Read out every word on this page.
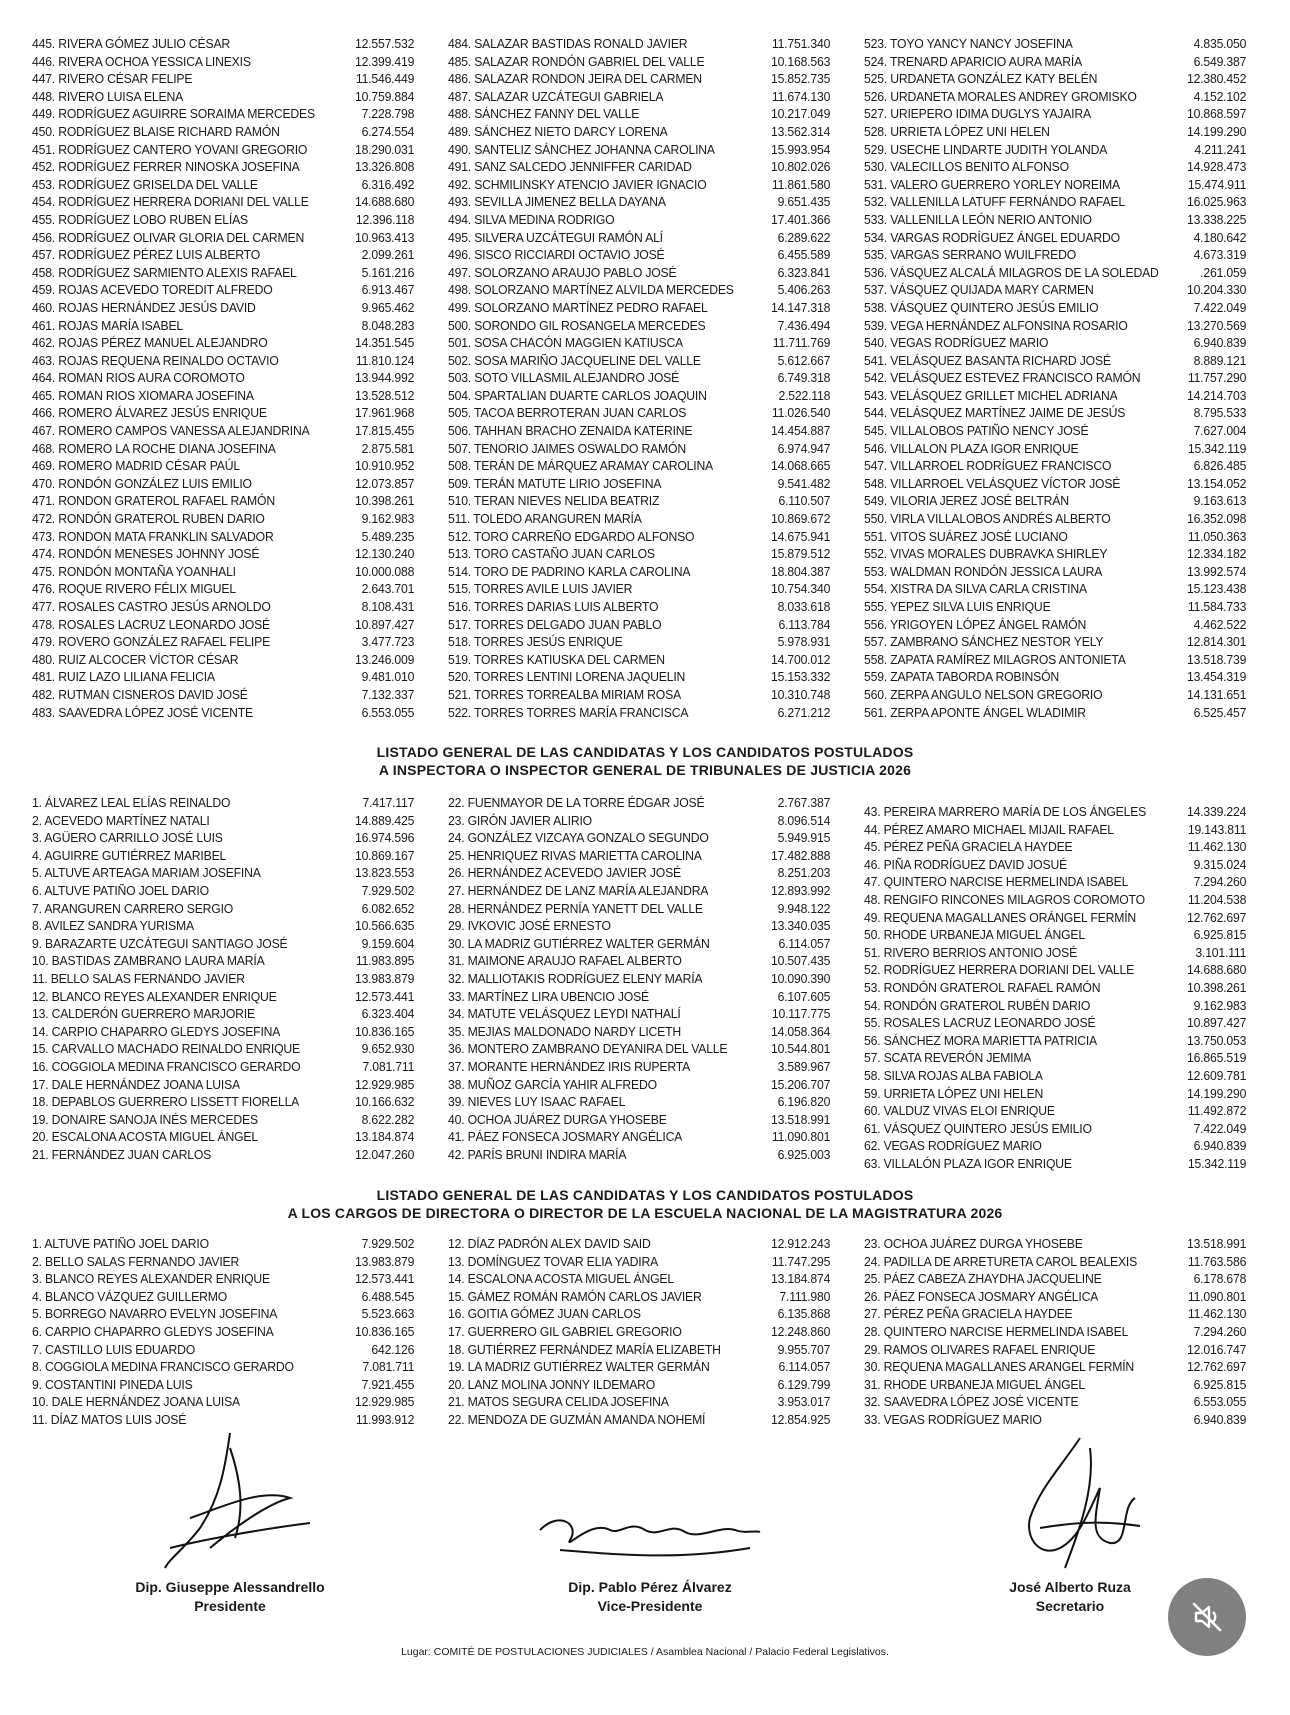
445. RIVERA GÓMEZ JULIO CÉSAR	12.557.532
446. RIVERA OCHOA YESSICA LINEXIS	12.399.419
447. RIVERO CÉSAR FELIPE	11.546.449
448. RIVERO LUISA ELENA	10.759.884
449. RODRÍGUEZ AGUIRRE SORAIMA MERCEDES	7.228.798
450. RODRÍGUEZ BLAISE RICHARD RAMÓN	6.274.554
451. RODRÍGUEZ CANTERO YOVANI GREGORIO	18.290.031
452. RODRÍGUEZ FERRER NINOSKA JOSEFINA	13.326.808
453. RODRÍGUEZ GRISELDA DEL VALLE	6.316.492
454. RODRÍGUEZ HERRERA DORIANI DEL VALLE	14.688.680
455. RODRÍGUEZ LOBO RUBEN ELÍAS	12.396.118
456. RODRÍGUEZ OLIVAR GLORIA DEL CARMEN	10.963.413
457. RODRÍGUEZ PÉREZ LUIS ALBERTO	2.099.261
458. RODRÍGUEZ SARMIENTO ALEXIS RAFAEL	5.161.216
459. ROJAS ACEVEDO TOREDIT ALFREDO	6.913.467
460. ROJAS HERNÁNDEZ JESÚS DAVID	9.965.462
461. ROJAS MARÍA ISABEL	8.048.283
462. ROJAS PÉREZ MANUEL ALEJANDRO	14.351.545
463. ROJAS REQUENA REINALDO OCTAVIO	11.810.124
464. ROMAN RIOS AURA COROMOTO	13.944.992
465. ROMAN RIOS XIOMARA JOSEFINA	13.528.512
466. ROMERO ÁLVAREZ JESÚS ENRIQUE	17.961.968
467. ROMERO CAMPOS VANESSA ALEJANDRINA	17.815.455
468. ROMERO LA ROCHE DIANA JOSEFINA	2.875.581
469. ROMERO MADRID CÉSAR PAÚL	10.910.952
470. RONDÓN GONZÁLEZ LUIS EMILIO	12.073.857
471. RONDON GRATEROL RAFAEL RAMÓN	10.398.261
472. RONDÓN GRATEROL RUBEN DARIO	9.162.983
473. RONDON MATA FRANKLIN SALVADOR	5.489.235
474. RONDÓN MENESES JOHNNY JOSÉ	12.130.240
475. RONDÓN MONTAÑA YOANHALI	10.000.088
476. ROQUE RIVERO FÉLIX MIGUEL	2.643.701
477. ROSALES CASTRO JESÚS ARNOLDO	8.108.431
478. ROSALES LACRUZ LEONARDO JOSÉ	10.897.427
479. ROVERO GONZÁLEZ RAFAEL FELIPE	3.477.723
480. RUIZ ALCOCER VÍCTOR CÉSAR	13.246.009
481. RUIZ LAZO LILIANA FELICIA	9.481.010
482. RUTMAN CISNEROS DAVID JOSÉ	7.132.337
483. SAAVEDRA LÓPEZ JOSÉ VICENTE	6.553.055
484. SALAZAR BASTIDAS RONALD JAVIER	11.751.340
485. SALAZAR RONDÓN GABRIEL DEL VALLE	10.168.563
486. SALAZAR RONDON JEIRA DEL CARMEN	15.852.735
487. SALAZAR UZCÁTEGUI GABRIELA	11.674.130
488. SÁNCHEZ FANNY DEL VALLE	10.217.049
489. SÁNCHEZ NIETO DARCY LORENA	13.562.314
490. SANTELIZ SÁNCHEZ JOHANNA CAROLINA	15.993.954
491. SANZ SALCEDO JENNIFFER CARIDAD	10.802.026
492. SCHMILINSKY ATENCIO JAVIER IGNACIO	11.861.580
493. SEVILLA JIMENEZ BELLA DAYANA	9.651.435
494. SILVA MEDINA RODRIGO	17.401.366
495. SILVERA UZCÁTEGUI RAMÓN ALÍ	6.289.622
496. SISCO RICCIARDI OCTAVIO JOSÉ	6.455.589
497. SOLORZANO ARAUJO PABLO JOSÉ	6.323.841
498. SOLORZANO MARTÍNEZ ALVILDA MERCEDES	5.406.263
499. SOLORZANO MARTÍNEZ PEDRO RAFAEL	14.147.318
500. SORONDO GIL ROSANGELA MERCEDES	7.436.494
501. SOSA CHACÓN MAGGIEN KATIUSCA	11.711.769
502. SOSA MARIÑO JACQUELINE DEL VALLE	5.612.667
503. SOTO VILLASMIL ALEJANDRO JOSÉ	6.749.318
504. SPARTALIAN DUARTE CARLOS JOAQUIN	2.522.118
505. TACOA BERROTERAN JUAN CARLOS	11.026.540
506. TAHHAN BRACHO ZENAIDA KATERINE	14.454.887
507. TENORIO JAIMES OSWALDO RAMÓN	6.974.947
508. TERÁN DE MÁRQUEZ ARAMAY CAROLINA	14.068.665
509. TERÁN MATUTE LIRIO JOSEFINA	9.541.482
510. TERAN NIEVES NELIDA BEATRIZ	6.110.507
511. TOLEDO ARANGUREN MARÍA	10.869.672
512. TORO CARREÑO EDGARDO ALFONSO	14.675.941
513. TORO CASTAÑO JUAN CARLOS	15.879.512
514. TORO DE PADRINO KARLA CAROLINA	18.804.387
515. TORRES AVILE LUIS JAVIER	10.754.340
516. TORRES DARIAS LUIS ALBERTO	8.033.618
517. TORRES DELGADO JUAN PABLO	6.113.784
518. TORRES JESÚS ENRIQUE	5.978.931
519. TORRES KATIUSKA DEL CARMEN	14.700.012
520. TORRES LENTINI LORENA JAQUELIN	15.153.332
521. TORRES TORREALBA MIRIAM ROSA	10.310.748
522. TORRES TORRES MARÍA FRANCISCA	6.271.212
523. TOYO YANCY NANCY JOSEFINA	4.835.050
524. TRENARD APARICIO AURA MARÍA	6.549.387
525. URDANETA GONZÁLEZ KATY BELÉN	12.380.452
526. URDANETA MORALES ANDREY GROMISKO	4.152.102
527. URIEPERO IDIMA DUGLYS YAJAIRA	10.868.597
528. URRIETA LÓPEZ UNI HELEN	14.199.290
529. USECHE LINDARTE JUDITH YOLANDA	4.211.241
530. VALECILLOS BENITO ALFONSO	14.928.473
531. VALERO GUERRERO YORLEY NOREIMA	15.474.911
532. VALLENILLA LATUFF FERNÁNDO RAFAEL	16.025.963
533. VALLENILLA LEÓN NERIO ANTONIO	13.338.225
534. VARGAS RODRÍGUEZ ÁNGEL EDUARDO	4.180.642
535. VARGAS SERRANO WUILFREDO	4.673.319
536. VÁSQUEZ ALCALÁ MILAGROS DE LA SOLEDAD	.261.059
537. VÁSQUEZ QUIJADA MARY CARMEN	10.204.330
538. VÁSQUEZ QUINTERO JESÚS EMILIO	7.422.049
539. VEGA HERNÁNDEZ ALFONSINA ROSARIO	13.270.569
540. VEGAS RODRÍGUEZ MARIO	6.940.839
541. VELÁSQUEZ BASANTA RICHARD JOSÉ	8.889.121
542. VELÁSQUEZ ESTEVEZ FRANCISCO RAMÓN	11.757.290
543. VELÁSQUEZ GRILLET MICHEL ADRIANA	14.214.703
544. VELÁSQUEZ MARTÍNEZ JAIME DE JESÚS	8.795.533
545. VILLALOBOS PATIÑO NENCY JOSÉ	7.627.004
546. VILLALON PLAZA IGOR ENRIQUE	15.342.119
547. VILLARROEL RODRÍGUEZ FRANCISCO	6.826.485
548. VILLARROEL VELÁSQUEZ VÍCTOR JOSÉ	13.154.052
549. VILORIA JEREZ JOSÉ BELTRÁN	9.163.613
550. VIRLA VILLALOBOS ANDRÉS ALBERTO	16.352.098
551. VITOS SUÁREZ JOSÉ LUCIANO	11.050.363
552. VIVAS MORALES DUBRAVKA SHIRLEY	12.334.182
553. WALDMAN RONDÓN JESSICA LAURA	13.992.574
554. XISTRA DA SILVA CARLA CRISTINA	15.123.438
555. YEPEZ SILVA LUIS ENRIQUE	11.584.733
556. YRIGOYEN LÓPEZ ÁNGEL RAMÓN	4.462.522
557. ZAMBRANO SÁNCHEZ NESTOR YELY	12.814.301
558. ZAPATA RAMÍREZ MILAGROS ANTONIETA	13.518.739
559. ZAPATA TABORDA ROBINSÓN	13.454.319
560. ZERPA ANGULO NELSON GREGORIO	14.131.651
561. ZERPA APONTE ÁNGEL WLADIMIR	6.525.457
LISTADO GENERAL DE LAS CANDIDATAS Y LOS CANDIDATOS POSTULADOS
A INSPECTORA O INSPECTOR GENERAL DE TRIBUNALES DE JUSTICIA 2026
1. ÁLVAREZ LEAL ELÍAS REINALDO	7.417.117
2. ACEVEDO MARTÍNEZ NATALI	14.889.425
3. AGÜERO CARRILLO JOSÉ LUIS	16.974.596
4. AGUIRRE GUTIÉRREZ MARIBEL	10.869.167
5. ALTUVE ARTEAGA MARIAM JOSEFINA	13.823.553
6. ALTUVE PATIÑO JOEL DARIO	7.929.502
7. ARANGUREN CARRERO SERGIO	6.082.652
8. AVILEZ SANDRA YURISMA	10.566.635
9. BARAZARTE UZCÁTEGUI SANTIAGO JOSÉ	9.159.604
10. BASTIDAS ZAMBRANO LAURA MARÍA	11.983.895
11. BELLO SALAS FERNANDO JAVIER	13.983.879
12. BLANCO REYES ALEXANDER ENRIQUE	12.573.441
13. CALDERÓN GUERRERO MARJORIE	6.323.404
14. CARPIO CHAPARRO GLEDYS JOSEFINA	10.836.165
15. CARVALLO MACHADO REINALDO ENRIQUE	9.652.930
16. COGGIOLA MEDINA FRANCISCO GERARDO	7.081.711
17. DALE HERNÁNDEZ JOANA LUISA	12.929.985
18. DEPABLOS GUERRERO LISSETT FIORELLA	10.166.632
19. DONAIRE SANOJA INÉS MERCEDES	8.622.282
20. ESCALONA ACOSTA MIGUEL ÁNGEL	13.184.874
21. FERNÁNDEZ JUAN CARLOS	12.047.260
22. FUENMAYOR DE LA TORRE ÉDGAR JOSÉ	2.767.387
23. GIRÓN JAVIER ALIRIO	8.096.514
24. GONZÁLEZ VIZCAYA GONZALO SEGUNDO	5.949.915
25. HENRIQUEZ RIVAS MARIETTA CAROLINA	17.482.888
26. HERNÁNDEZ ACEVEDO JAVIER JOSÉ	8.251.203
27. HERNÁNDEZ DE LANZ MARÍA ALEJANDRA	12.893.992
28. HERNÁNDEZ PERNÍA YANETT DEL VALLE	9.948.122
29. IVKOVIC JOSÉ ERNESTO	13.340.035
30. LA MADRIZ GUTIÉRREZ WALTER GERMÁN	6.114.057
31. MAIMONE ARAUJO RAFAEL ALBERTO	10.507.435
32. MALLIOTAKIS RODRÍGUEZ ELENY MARÍA	10.090.390
33. MARTÍNEZ LIRA UBENCIO JOSÉ	6.107.605
34. MATUTE VELÁSQUEZ LEYDI NATHALÍ	10.117.775
35. MEJIAS MALDONADO NARDY LICETH	14.058.364
36. MONTERO ZAMBRANO DEYANIRA DEL VALLE	10.544.801
37. MORANTE HERNÁNDEZ IRIS RUPERTA	3.589.967
38. MUÑOZ GARCÍA YAHIR ALFREDO	15.206.707
39. NIEVES LUY ISAAC RAFAEL	6.196.820
40. OCHOA JUÁREZ DURGA YHOSEBE	13.518.991
41. PÁEZ FONSECA JOSMARY ANGÉLICA	11.090.801
42. PARÍS BRUNI INDIRA MARÍA	6.925.003
43. PEREIRA MARRERO MARÍA DE LOS ÁNGELES	14.339.224
44. PÉREZ AMARO MICHAEL MIJAIL RAFAEL	19.143.811
45. PÉREZ PEÑA GRACIELA HAYDEE	11.462.130
46. PIÑA RODRÍGUEZ DAVID JOSUÉ	9.315.024
47. QUINTERO NARCISE HERMELINDA ISABEL	7.294.260
48. RENGIFO RINCONES MILAGROS COROMOTO	11.204.538
49. REQUENA MAGALLANES ORÁNGEL FERMÍN	12.762.697
50. RHODE URBANEJA MIGUEL ÁNGEL	6.925.815
51. RIVERO BERRIOS ANTONIO JOSÉ	3.101.111
52. RODRÍGUEZ HERRERA DORIANI DEL VALLE	14.688.680
53. RONDÓN GRATEROL RAFAEL RAMÓN	10.398.261
54. RONDÓN GRATEROL RUBÉN DARIO	9.162.983
55. ROSALES LACRUZ LEONARDO JOSÉ	10.897.427
56. SÁNCHEZ MORA MARIETTA PATRICIA	13.750.053
57. SCATA REVERÓN JEMIMA	16.865.519
58. SILVA ROJAS ALBA FABIOLA	12.609.781
59. URRIETA LÓPEZ UNI HELEN	14.199.290
60. VALDUZ VIVAS ELOI ENRIQUE	11.492.872
61. VÁSQUEZ QUINTERO JESÚS EMILIO	7.422.049
62. VEGAS RODRÍGUEZ MARIO	6.940.839
63. VILLALÓN PLAZA IGOR ENRIQUE	15.342.119
LISTADO GENERAL DE LAS CANDIDATAS Y LOS CANDIDATOS POSTULADOS
A LOS CARGOS DE DIRECTORA O DIRECTOR DE LA ESCUELA NACIONAL DE LA MAGISTRATURA 2026
1. ALTUVE PATIÑO JOEL DARIO	7.929.502
2. BELLO SALAS FERNANDO JAVIER	13.983.879
3. BLANCO REYES ALEXANDER ENRIQUE	12.573.441
4. BLANCO VÁZQUEZ GUILLERMO	6.488.545
5. BORREGO NAVARRO EVELYN JOSEFINA	5.523.663
6. CARPIO CHAPARRO GLEDYS JOSEFINA	10.836.165
7. CASTILLO LUIS EDUARDO	642.126
8. COGGIOLA MEDINA FRANCISCO GERARDO	7.081.711
9. COSTANTINI PINEDA LUIS	7.921.455
10. DALE HERNÁNDEZ JOANA LUISA	12.929.985
11. DÍAZ MATOS LUIS JOSÉ	11.993.912
12. DÍAZ PADRÓN ALEX DAVID SAID	12.912.243
13. DOMÍNGUEZ TOVAR ELIA YADIRA	11.747.295
14. ESCALONA ACOSTA MIGUEL ÁNGEL	13.184.874
15. GÁMEZ ROMÁN RAMÓN CARLOS JAVIER	7.111.980
16. GOITIA GÓMEZ JUAN CARLOS	6.135.868
17. GUERRERO GIL GABRIEL GREGORIO	12.248.860
18. GUTIÉRREZ FERNÁNDEZ MARÍA ELIZABETH	9.955.707
19. LA MADRIZ GUTIÉRREZ WALTER GERMÁN	6.114.057
20. LANZ MOLINA JONNY ILDEMARO	6.129.799
21. MATOS SEGURA CELIDA JOSEFINA	3.953.017
22. MENDOZA DE GUZMÁN AMANDA NOHEMÍ	12.854.925
23. OCHOA JUÁREZ DURGA YHOSEBE	13.518.991
24. PADILLA DE ARRETURETA CAROL BEALEXIS	11.763.586
25. PÁEZ CABEZA ZHAYDHA JACQUELINE	6.178.678
26. PÁEZ FONSECA JOSMARY ANGÉLICA	11.090.801
27. PÉREZ PEÑA GRACIELA HAYDEE	11.462.130
28. QUINTERO NARCISE HERMELINDA ISABEL	7.294.260
29. RAMOS OLIVARES RAFAEL ENRIQUE	12.016.747
30. REQUENA MAGALLANES ARANGEL FERMÍN	12.762.697
31. RHODE URBANEJA MIGUEL ÁNGEL	6.925.815
32. SAAVEDRA LÓPEZ JOSÉ VICENTE	6.553.055
33. VEGAS RODRÍGUEZ MARIO	6.940.839
Dip. Giuseppe Alessandrello
Presidente
Dip. Pablo Pérez Álvarez
Vice-Presidente
José Alberto Ruza
Secretario
Lugar: COMITÉ DE POSTULACIONES JUDICIALES / Asamblea Nacional / Palacio Federal Legislativos.
